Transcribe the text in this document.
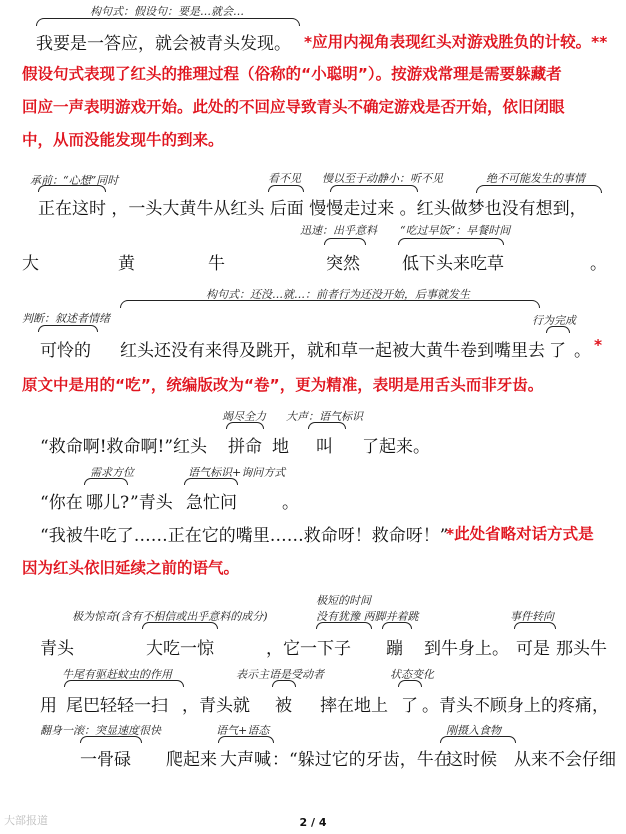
构句式：假设句：要是…就会…
我要是一答应，就会被青头发现。 *应用内视角表现红头对游戏胜负的计较。**
假设句式表现了红头的推理过程（俗称的“小聪明”）。按游戏常理是需要躲藏者
回应一声表明游戏开始。此处的不回应导致青头不确定游戏是否开始，依旧闭眼
中，从而没能发现牛的到来。
承前：“心想”同时	看不见 慢以至于动静小：听不见	绝不可能发生的事情
正在这时 ，一头大黄牛从红头 后面 慢慢走过来 。红头做梦也没有想到，
迅速：出乎意料 “吃过早饭”：早餐时间
大	黄	牛	突然 低下头来吃草	。
构句式：还没…就…：前者行为还没开始，后事就发生
判断：叙述者情绪	行为完成
可怜的 红头还没有来得及跳开，就和草一起被大黄牛卷到嘴里去 了 。 *
原文中是用的“吃”，统编版改为“卷”，更为精准，表明是用舌头而非牙齿。
竭尽全力 大声：语气标识
“救命啊!救命啊!”红头 拼命 地 叫 了起来。
需求方位	语气标识+询问方式
“你在 哪儿? ”青头 急忙问	。
“我被牛吃了……正在它的嘴里……救命呀！救命呀！”
*此处省略对话方式是
因为红头依旧延续之前的语气。
极短的时间
极为惊奇(含有不相信或出乎意料的成分)	没有犹豫 两脚并着跳	事件转向
青头	大吃一惊	，它一下子 蹦 到牛身上。 可是 那头牛
牛尾有驱赶蚊虫的作用	表示主语是受动者	状态变化
用 尾巴轻轻一扫 ，青头就 被 摔在地上 了 。青头不顾身上的疼痛，
翻身一滚：突显速度很快	语气+语态	刚摄入食物
一骨碌 爬起来 大声喊 ：“躲过它的牙齿，牛在
这时候 从来不会仔细
2 / 4
大部报道
